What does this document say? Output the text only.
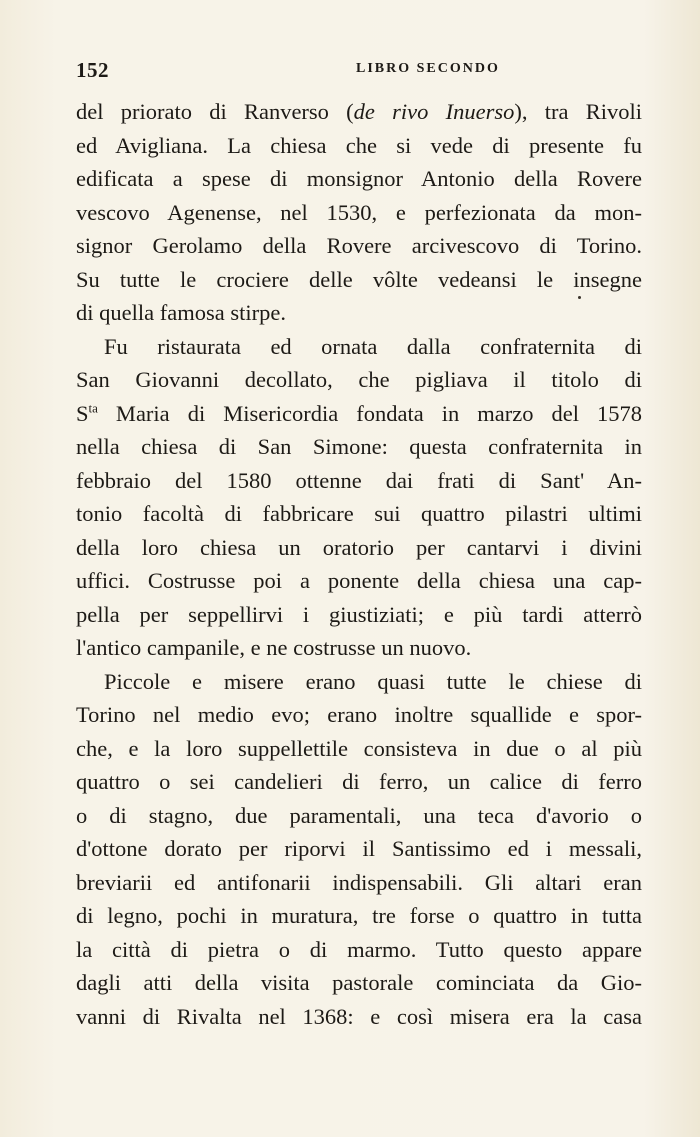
152	LIBRO SECONDO
del priorato di Ranverso (de rivo Inuerso), tra Rivoli
ed Avigliana. La chiesa che si vede di presente fu
edificata a spese di monsignor Antonio della Rovere
vescovo Agenense, nel 1530, e perfezionata da mon-
signor Gerolamo della Rovere arcivescovo di Torino.
Su tutte le crociere delle vôlte vedeansi le insegne
di quella famosa stirpe.
Fu ristaurata ed ornata dalla confraternita di
San Giovanni decollato, che pigliava il titolo di
$S^{ta}$ Maria di Misericordia fondata in marzo del 1578
nella chiesa di San Simone: questa confraternita in
febbraio del 1580 ottenne dai frati di Sant' An-
tonio facoltà di fabbricare sui quattro pilastri ultimi
della loro chiesa un oratorio per cantarvi i divini
uffici. Costrusse poi a ponente della chiesa una cap-
pella per seppellirvi i giustiziati; e più tardi atterrò
l'antico campanile, e ne costrusse un nuovo.
Piccole e misere erano quasi tutte le chiese di
Torino nel medio evo; erano inoltre squallide e spor-
che, e la loro suppellettile consisteva in due o al più
quattro o sei candelieri di ferro, un calice di ferro
o di stagno, due paramentali, una teca d'avorio o
d'ottone dorato per riporvi il Santissimo ed i messali,
breviarii ed antifonarii indispensabili. Gli altari eran
di legno, pochi in muratura, tre forse o quattro in tutta
la città di pietra o di marmo. Tutto questo appare
dagli atti della visita pastorale cominciata da Gio-
vanni di Rivalta nel 1368: e così misera era la casa
